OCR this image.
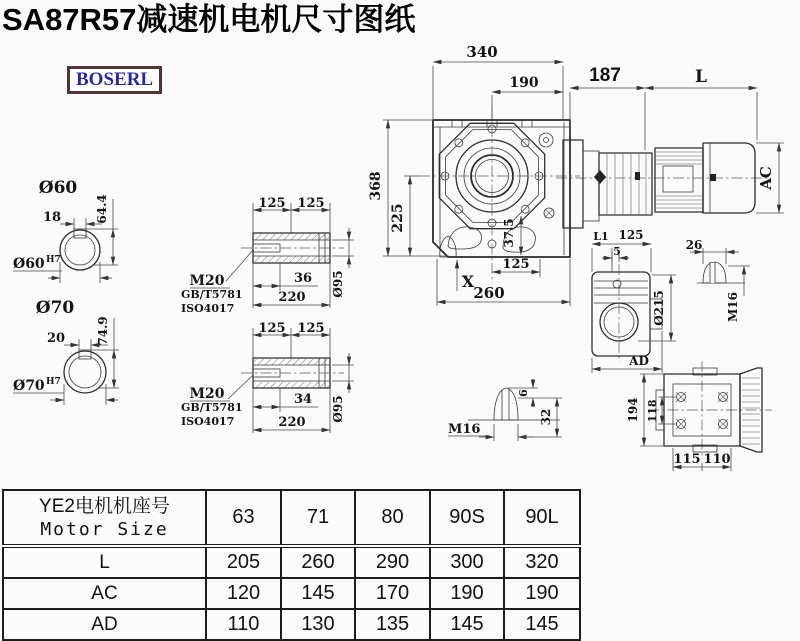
SA87R57减速机电机尺寸图纸
BOSERL
Ø60
18	64.4
Ø60 H7
Ø70
20	74.9
Ø70 H7
125 125
M20
GB/T5781
ISO4017
36
220 Ø95
125 125
M20
GB/T5781
ISO4017
34
220 Ø95
X
340
190
368
225
37.5
125
260
187	L
AC
L1 125
5
Ø215
AD
26
M16
M16
6
32	194 118
115 110
YE2电机机座号
Motor Size	63	71	80	90S	90L
L	205	260	290	300	320
AC	120	145	170	190	190
AD	110	130	135	145	145
